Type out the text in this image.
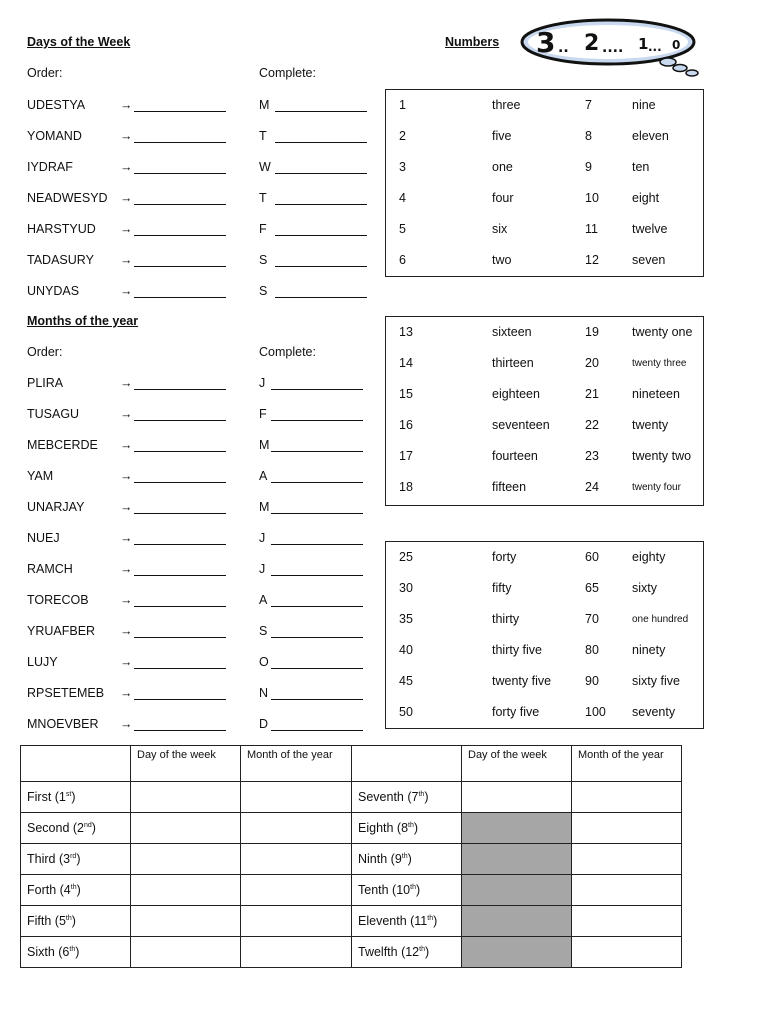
Days of the Week
Order:	Complete:
UDESTYA	→	M
YOMAND	→	T
IYDRAF	→	W
NEADWESYD →	T
HARSTYUD →	F
TADASURY →	S
UNYDAS	→	S
Months of the year
Order:	Complete:
PLIRA	→	J
TUSAGU	→	F
MEBCERDE →	M
YAM	→	A
UNARJAY	→	M
NUEJ	→	J
RAMCH	→	J
TORECOB	→	A
YRUAFBER →	S
LUJY	→	O
RPSETEMEB →	N
MNOEVBER →	D
Numbers 3 .. 2 .... 1 ... 0
1	three	7	nine
2	five	8	eleven
3	one	9	ten
4	four	10	eight
5	six	11	twelve
6	two	12	seven
13	sixteen	19	twenty one
14	thirteen	20	twenty three
15	eighteen	21	nineteen
16	seventeen	22	twenty
17	fourteen	23	twenty two
18	fifteen	24	twenty four
25	forty	60	eighty
30	fifty	65	sixty
35	thirty	70	one hundred
40	thirty five	80	ninety
45	twenty five	90	sixty five
50	forty five	100 seventy
	Day of the week	Month of the year		Day of the week	Month of the year
First (1st)			Seventh (7th)		
Second (2nd)			Eighth (8th)		
Third (3rd)			Ninth (9th)		
Forth (4th)			Tenth (10th)		
Fifth (5th)			Eleventh (11th)		
Sixth (6th)			Twelfth (12th)		
